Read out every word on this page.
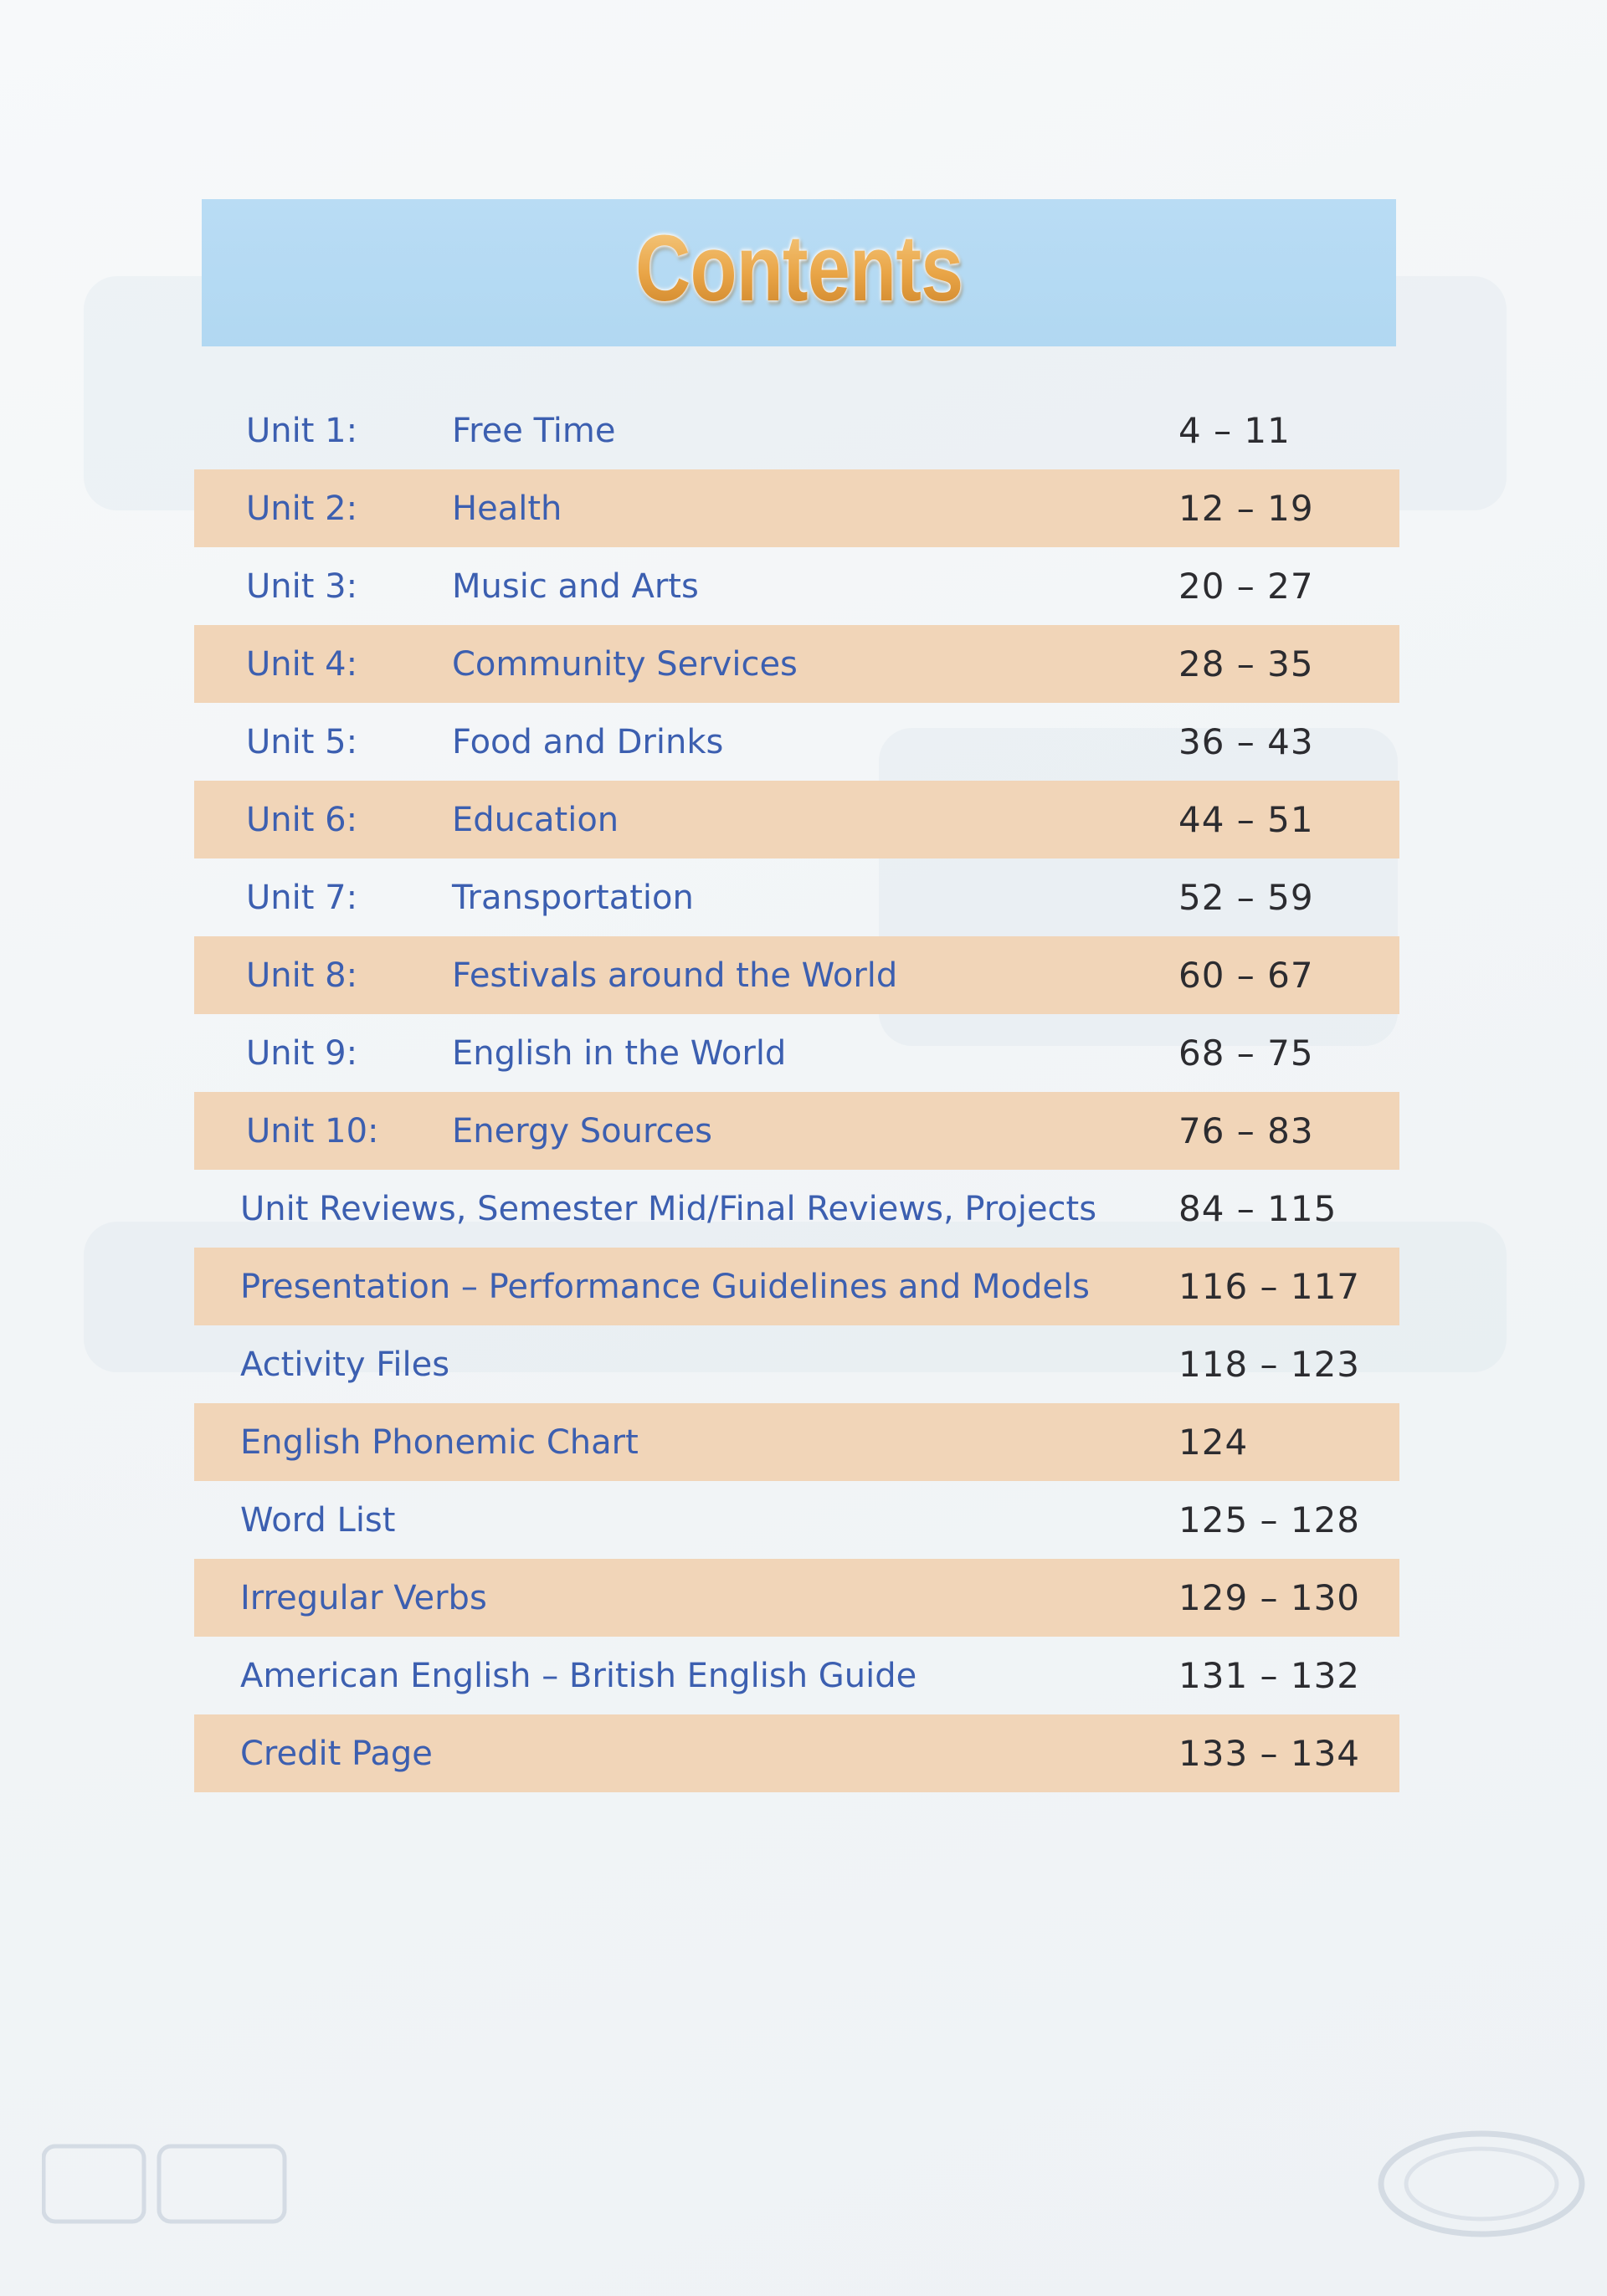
Contents
Unit 1:	Free Time	4 – 11
Unit 2:	Health	12 – 19
Unit 3:	Music and Arts	20 – 27
Unit 4:	Community Services	28 – 35
Unit 5:	Food and Drinks	36 – 43
Unit 6:	Education	44 – 51
Unit 7:	Transportation	52 – 59
Unit 8:	Festivals around the World	60 – 67
Unit 9:	English in the World	68 – 75
Unit 10: Energy Sources	76 – 83
Unit Reviews, Semester Mid/Final Reviews, Projects 84 – 115
Presentation – Performance Guidelines and Models	116 – 117
Activity Files	118 – 123
English Phonemic Chart	124
Word List	125 – 128
Irregular Verbs	129 – 130
American English – British English Guide	131 – 132
Credit Page	133 – 134
